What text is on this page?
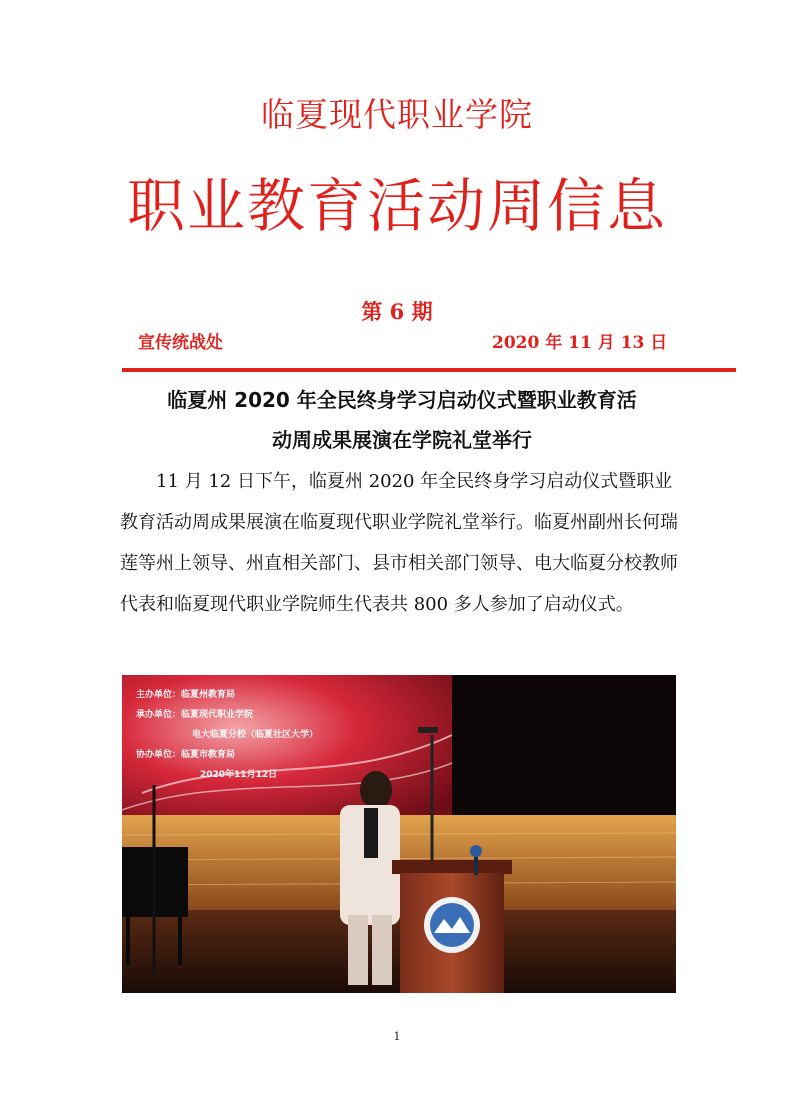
临夏现代职业学院
职业教育活动周信息
第 6 期
宣传统战处	2020 年 11 月 13 日
临夏州 2020 年全民终身学习启动仪式暨职业教育活
动周成果展演在学院礼堂举行
11 月 12 日下午，临夏州 2020 年全民终身学习启动仪式暨职业教育活动周成果展演在临夏现代职业学院礼堂举行。临夏州副州长何瑞莲等州上领导、州直相关部门、县市相关部门领导、电大临夏分校教师代表和临夏现代职业学院师生代表共 800 多人参加了启动仪式。
主办单位：临夏州教育局
承办单位：临夏现代职业学院
电大临夏分校（临夏社区大学）
协办单位：临夏市教育局
2020年11月12日
1
